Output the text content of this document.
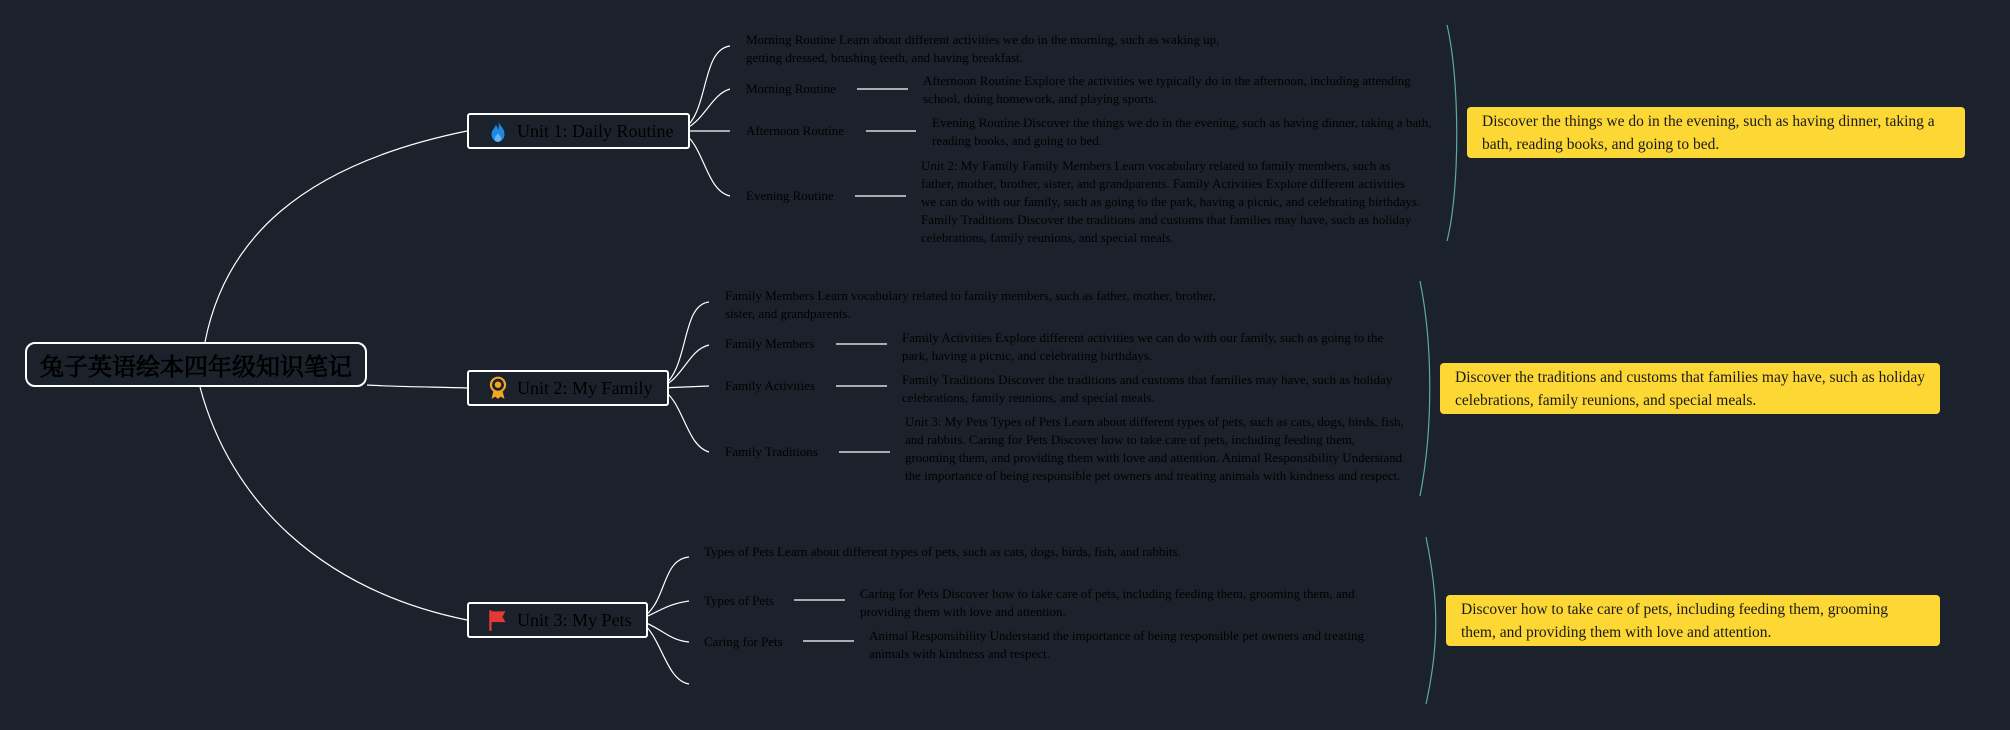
兔子英语绘本四年级知识笔记
Unit 1: Daily Routine
Morning Routine Learn about different activities we do in the morning, such as waking up, getting dressed, brushing teeth, and having breakfast.
Morning Routine
Afternoon Routine Explore the activities we typically do in the afternoon, including attending school, doing homework, and playing sports.
Afternoon Routine
Evening Routine Discover the things we do in the evening, such as having dinner, taking a bath, reading books, and going to bed.
Evening Routine
Unit 2: My Family Family Members Learn vocabulary related to family members, such as father, mother, brother, sister, and grandparents. Family Activities Explore different activities we can do with our family, such as going to the park, having a picnic, and celebrating birthdays. Family Traditions Discover the traditions and customs that families may have, such as holiday celebrations, family reunions, and special meals.
Discover the things we do in the evening, such as having dinner, taking a bath, reading books, and going to bed.
Unit 2: My Family
Family Members Learn vocabulary related to family members, such as father, mother, brother, sister, and grandparents.
Family Members	Family Activities Explore different activities we can do with our family, such as going to the park, having a picnic, and celebrating birthdays.
Family Activities	Family Traditions Discover the traditions and customs that families may have, such as holiday celebrations, family reunions, and special meals.
Family Traditions
Unit 3: My Pets Types of Pets Learn about different types of pets, such as cats, dogs, birds, fish, and rabbits. Caring for Pets Discover how to take care of pets, including feeding them, grooming them, and providing them with love and attention. Animal Responsibility Understand the importance of being responsible pet owners and treating animals with kindness and respect.
Discover the traditions and customs that families may have, such as holiday celebrations, family reunions, and special meals.
Unit 3: My Pets
Types of Pets Learn about different types of pets, such as cats, dogs, birds, fish, and rabbits.
Types of Pets	Caring for Pets Discover how to take care of pets, including feeding them, grooming them, and providing them with love and attention.
Caring for Pets	Animal Responsibility Understand the importance of being responsible pet owners and treating animals with kindness and respect.
Discover how to take care of pets, including feeding them, grooming them, and providing them with love and attention.
